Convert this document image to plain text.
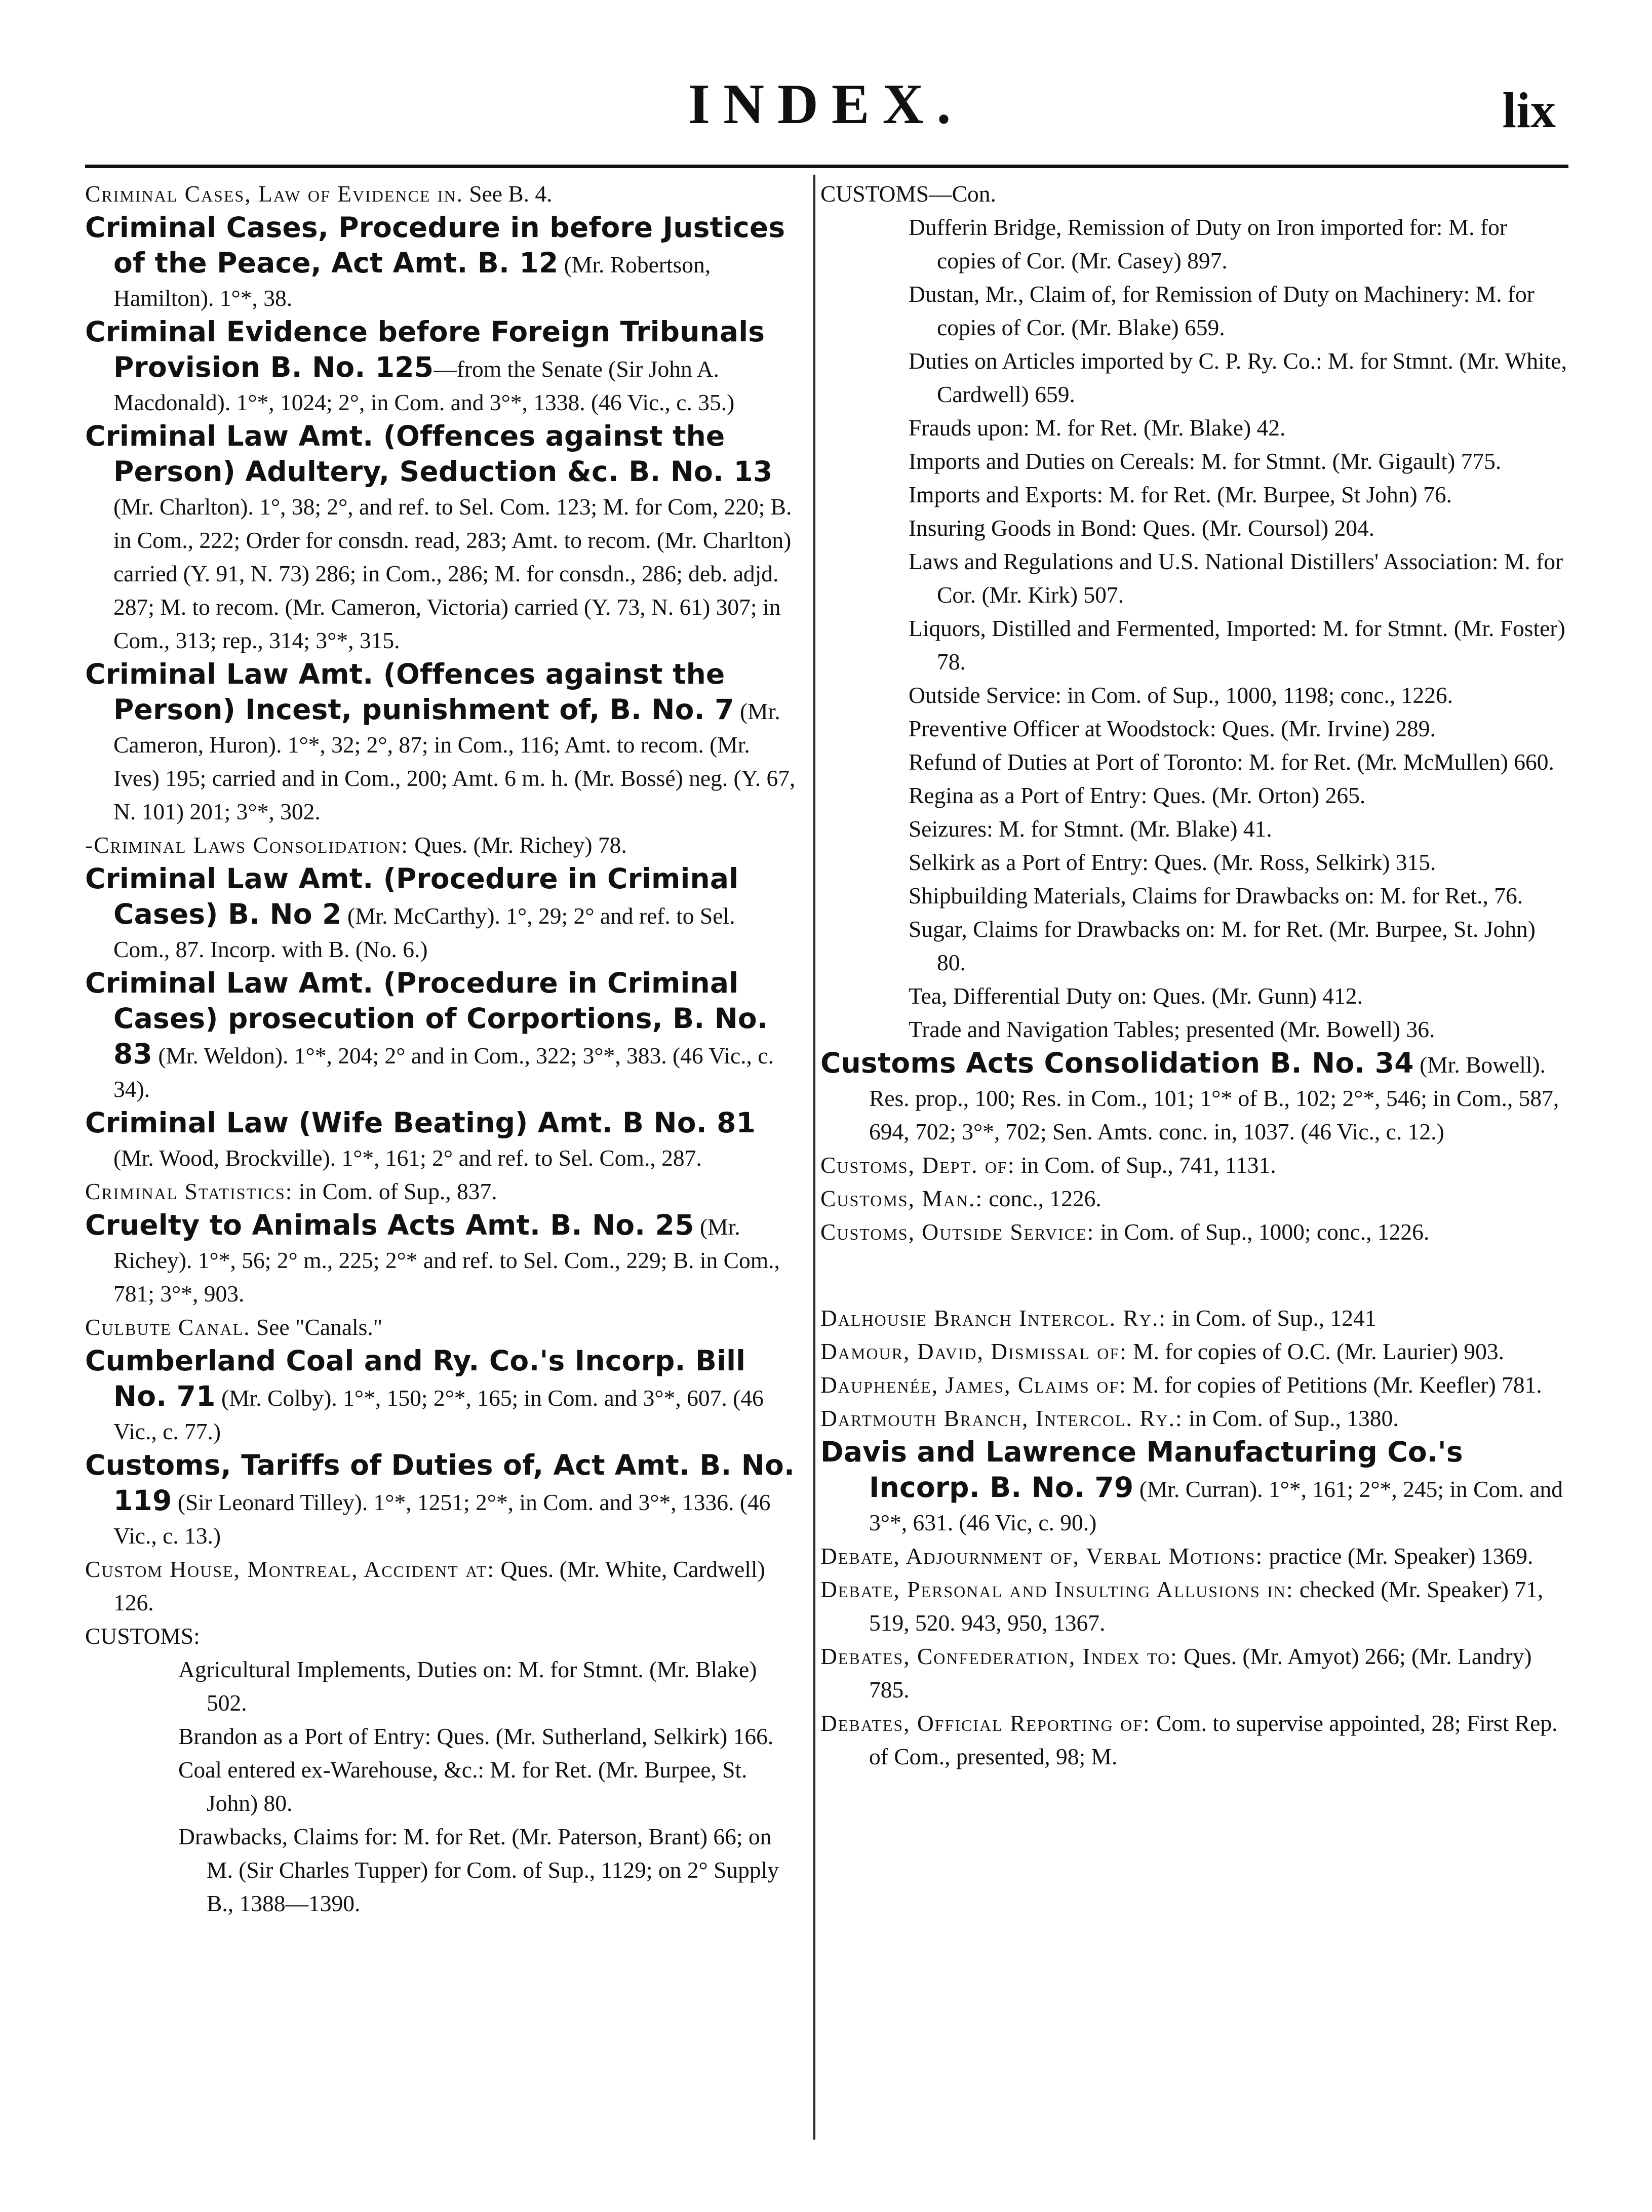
INDEX.	lix
Criminal Cases, Law of Evidence in. See B. 4.
Criminal Cases, Procedure in before Justices of the Peace, Act Amt. B. 12 (Mr. Robertson, Hamilton). 1°*, 38.
Criminal Evidence before Foreign Tribunals Provision B. No. 125—from the Senate (Sir John A. Macdonald). 1°*, 1024; 2°, in Com. and 3°*, 1338. (46 Vic., c. 35.)
Criminal Law Amt. (Offences against the Person) Adultery, Seduction &c. B. No. 13 (Mr. Charlton). 1°, 38; 2°, and ref. to Sel. Com. 123; M. for Com, 220; B. in Com., 222; Order for consdn. read, 283; Amt. to recom. (Mr. Charlton) carried (Y. 91, N. 73) 286; in Com., 286; M. for consdn., 286; deb. adjd. 287; M. to recom. (Mr. Cameron, Victoria) carried (Y. 73, N. 61) 307; in Com., 313; rep., 314; 3°*, 315.
Criminal Law Amt. (Offences against the Person) Incest, punishment of, B. No. 7 (Mr. Cameron, Huron). 1°*, 32; 2°, 87; in Com., 116; Amt. to recom. (Mr. Ives) 195; carried and in Com., 200; Amt. 6 m. h. (Mr. Bossé) neg. (Y. 67, N. 101) 201; 3°*, 302.
-Criminal Laws Consolidation: Ques. (Mr. Richey) 78.
Criminal Law Amt. (Procedure in Criminal Cases) B. No 2 (Mr. McCarthy). 1°, 29; 2° and ref. to Sel. Com., 87. Incorp. with B. (No. 6.)
Criminal Law Amt. (Procedure in Criminal Cases) prosecution of Corportions, B. No. 83 (Mr. Weldon). 1°*, 204; 2° and in Com., 322; 3°*, 383. (46 Vic., c. 34).
Criminal Law (Wife Beating) Amt. B No. 81 (Mr. Wood, Brockville). 1°*, 161; 2° and ref. to Sel. Com., 287.
Criminal Statistics: in Com. of Sup., 837.
Cruelty to Animals Acts Amt. B. No. 25 (Mr. Richey). 1°*, 56; 2° m., 225; 2°* and ref. to Sel. Com., 229; B. in Com., 781; 3°*, 903.
Culbute Canal. See "Canals."
Cumberland Coal and Ry. Co.'s Incorp. Bill No. 71 (Mr. Colby). 1°*, 150; 2°*, 165; in Com. and 3°*, 607. (46 Vic., c. 77.)
Customs, Tariffs of Duties of, Act Amt. B. No. 119 (Sir Leonard Tilley). 1°*, 1251; 2°*, in Com. and 3°*, 1336. (46 Vic., c. 13.)
Custom House, Montreal, Accident at: Ques. (Mr. White, Cardwell) 126.
CUSTOMS:
Agricultural Implements, Duties on: M. for Stmnt. (Mr. Blake) 502.
Brandon as a Port of Entry: Ques. (Mr. Sutherland, Selkirk) 166.
Coal entered ex-Warehouse, &c.: M. for Ret. (Mr. Burpee, St. John) 80.
Drawbacks, Claims for: M. for Ret. (Mr. Paterson, Brant) 66; on M. (Sir Charles Tupper) for Com. of Sup., 1129; on 2° Supply B., 1388—1390.
CUSTOMS—Con.
Dufferin Bridge, Remission of Duty on Iron imported for: M. for copies of Cor. (Mr. Casey) 897.
Dustan, Mr., Claim of, for Remission of Duty on Machinery: M. for copies of Cor. (Mr. Blake) 659.
Duties on Articles imported by C. P. Ry. Co.: M. for Stmnt. (Mr. White, Cardwell) 659.
Frauds upon: M. for Ret. (Mr. Blake) 42.
Imports and Duties on Cereals: M. for Stmnt. (Mr. Gigault) 775.
Imports and Exports: M. for Ret. (Mr. Burpee, St John) 76.
Insuring Goods in Bond: Ques. (Mr. Coursol) 204.
Laws and Regulations and U.S. National Distillers' Association: M. for Cor. (Mr. Kirk) 507.
Liquors, Distilled and Fermented, Imported: M. for Stmnt. (Mr. Foster) 78.
Outside Service: in Com. of Sup., 1000, 1198; conc., 1226.
Preventive Officer at Woodstock: Ques. (Mr. Irvine) 289.
Refund of Duties at Port of Toronto: M. for Ret. (Mr. McMullen) 660.
Regina as a Port of Entry: Ques. (Mr. Orton) 265.
Seizures: M. for Stmnt. (Mr. Blake) 41.
Selkirk as a Port of Entry: Ques. (Mr. Ross, Selkirk) 315.
Shipbuilding Materials, Claims for Drawbacks on: M. for Ret., 76.
Sugar, Claims for Drawbacks on: M. for Ret. (Mr. Burpee, St. John) 80.
Tea, Differential Duty on: Ques. (Mr. Gunn) 412.
Trade and Navigation Tables; presented (Mr. Bowell) 36.
Customs Acts Consolidation B. No. 34 (Mr. Bowell). Res. prop., 100; Res. in Com., 101; 1°* of B., 102; 2°*, 546; in Com., 587, 694, 702; 3°*, 702; Sen. Amts. conc. in, 1037. (46 Vic., c. 12.)
Customs, Dept. of: in Com. of Sup., 741, 1131.
Customs, Man.: conc., 1226.
Customs, Outside Service: in Com. of Sup., 1000; conc., 1226.
Dalhousie Branch Intercol. Ry.: in Com. of Sup., 1241
Damour, David, Dismissal of: M. for copies of O.C. (Mr. Laurier) 903.
Dauphenée, James, Claims of: M. for copies of Petitions (Mr. Keefler) 781.
Dartmouth Branch, Intercol. Ry.: in Com. of Sup., 1380.
Davis and Lawrence Manufacturing Co.'s Incorp. B. No. 79 (Mr. Curran). 1°*, 161; 2°*, 245; in Com. and 3°*, 631. (46 Vic, c. 90.)
Debate, Adjournment of, Verbal Motions: practice (Mr. Speaker) 1369.
Debate, Personal and Insulting Allusions in: checked (Mr. Speaker) 71, 519, 520. 943, 950, 1367.
Debates, Confederation, Index to: Ques. (Mr. Amyot) 266; (Mr. Landry) 785.
Debates, Official Reporting of: Com. to supervise appointed, 28; First Rep. of Com., presented, 98; M.
